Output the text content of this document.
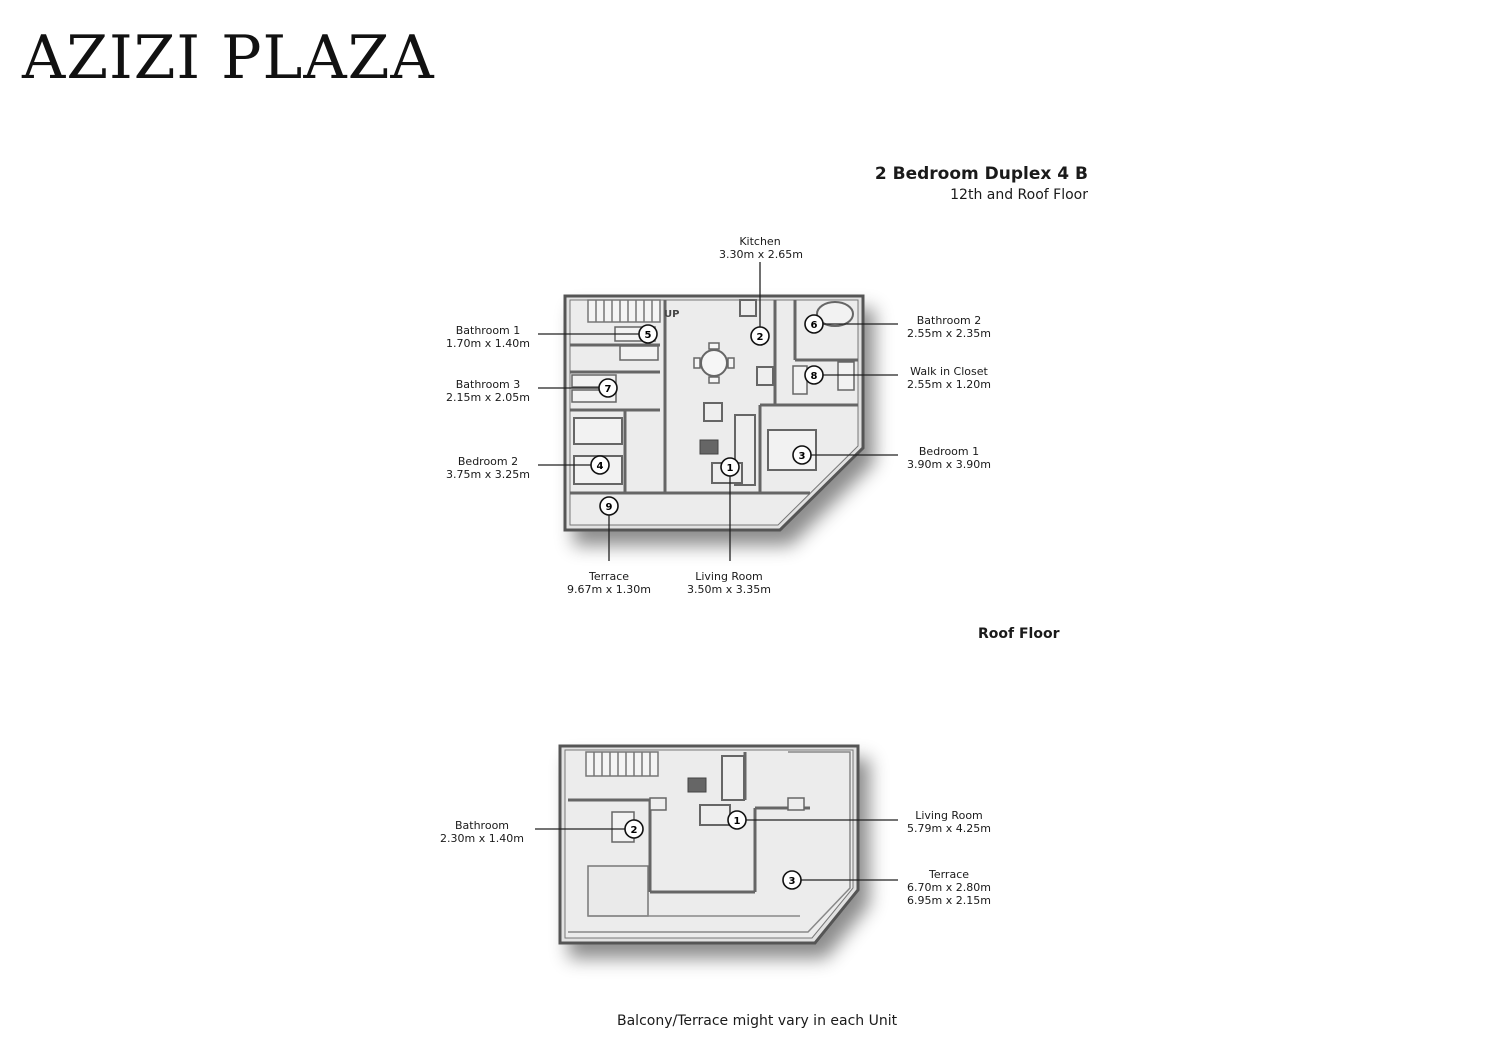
AZIZI PLAZA
2 Bedroom Duplex 4 B
12th and Roof Floor
UP
1
2
3
4
5
6
7
8
9
1
2
3
Kitchen
3.30m x 2.65m
Bathroom 1
1.70m x 1.40m
Bathroom 3
2.15m x 2.05m
Bedroom 2
3.75m x 3.25m
Terrace
9.67m x 1.30m
Living Room
3.50m x 3.35m
Bathroom 2
2.55m x 2.35m
Walk in Closet
2.55m x 1.20m
Bedroom 1
3.90m x 3.90m
Roof Floor
Bathroom
2.30m x 1.40m
Living Room
5.79m x 4.25m
Terrace
6.70m x 2.80m
6.95m x 2.15m
Balcony/Terrace might vary in each Unit
